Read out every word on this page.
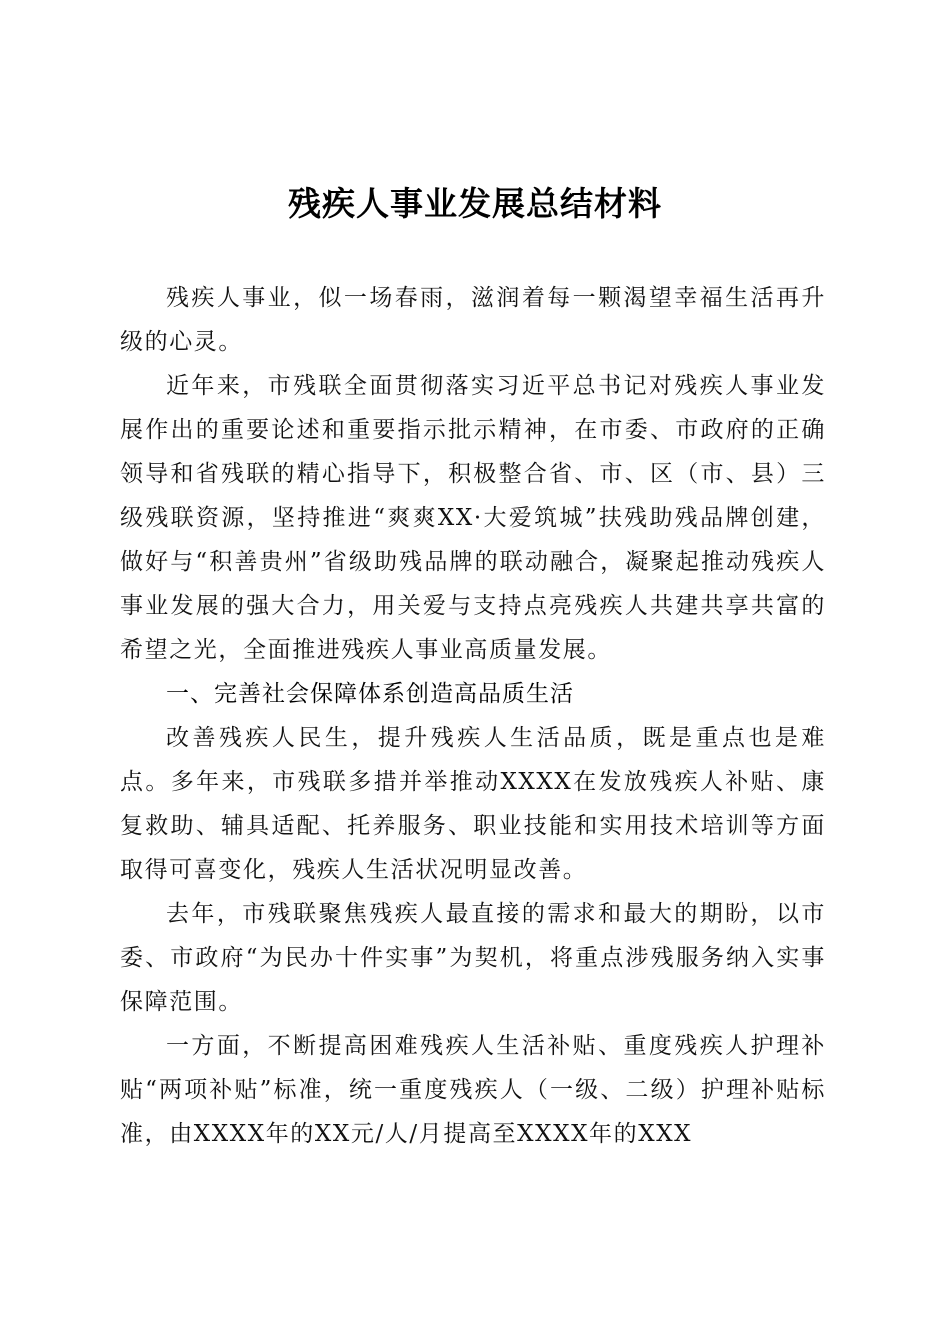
残疾人事业发展总结材料

残疾人事业，似一场春雨，滋润着每一颗渴望幸福生活再升级的心灵。

近年来，市残联全面贯彻落实习近平总书记对残疾人事业发展作出的重要论述和重要指示批示精神，在市委、市政府的正确领导和省残联的精心指导下，积极整合省、市、区（市、县）三级残联资源，坚持推进“爽爽XX·大爱筑城”扶残助残品牌创建，做好与“积善贵州”省级助残品牌的联动融合，凝聚起推动残疾人事业发展的强大合力，用关爱与支持点亮残疾人共建共享共富的希望之光，全面推进残疾人事业高质量发展。

一、完善社会保障体系创造高品质生活

改善残疾人民生，提升残疾人生活品质，既是重点也是难点。多年来，市残联多措并举推动XXXX在发放残疾人补贴、康复救助、辅具适配、托养服务、职业技能和实用技术培训等方面取得可喜变化，残疾人生活状况明显改善。

去年，市残联聚焦残疾人最直接的需求和最大的期盼，以市委、市政府“为民办十件实事”为契机，将重点涉残服务纳入实事保障范围。

一方面，不断提高困难残疾人生活补贴、重度残疾人护理补贴“两项补贴”标准，统一重度残疾人（一级、二级）护理补贴标准，由XXXX年的XX元/人/月提高至XXXX年的XXX
